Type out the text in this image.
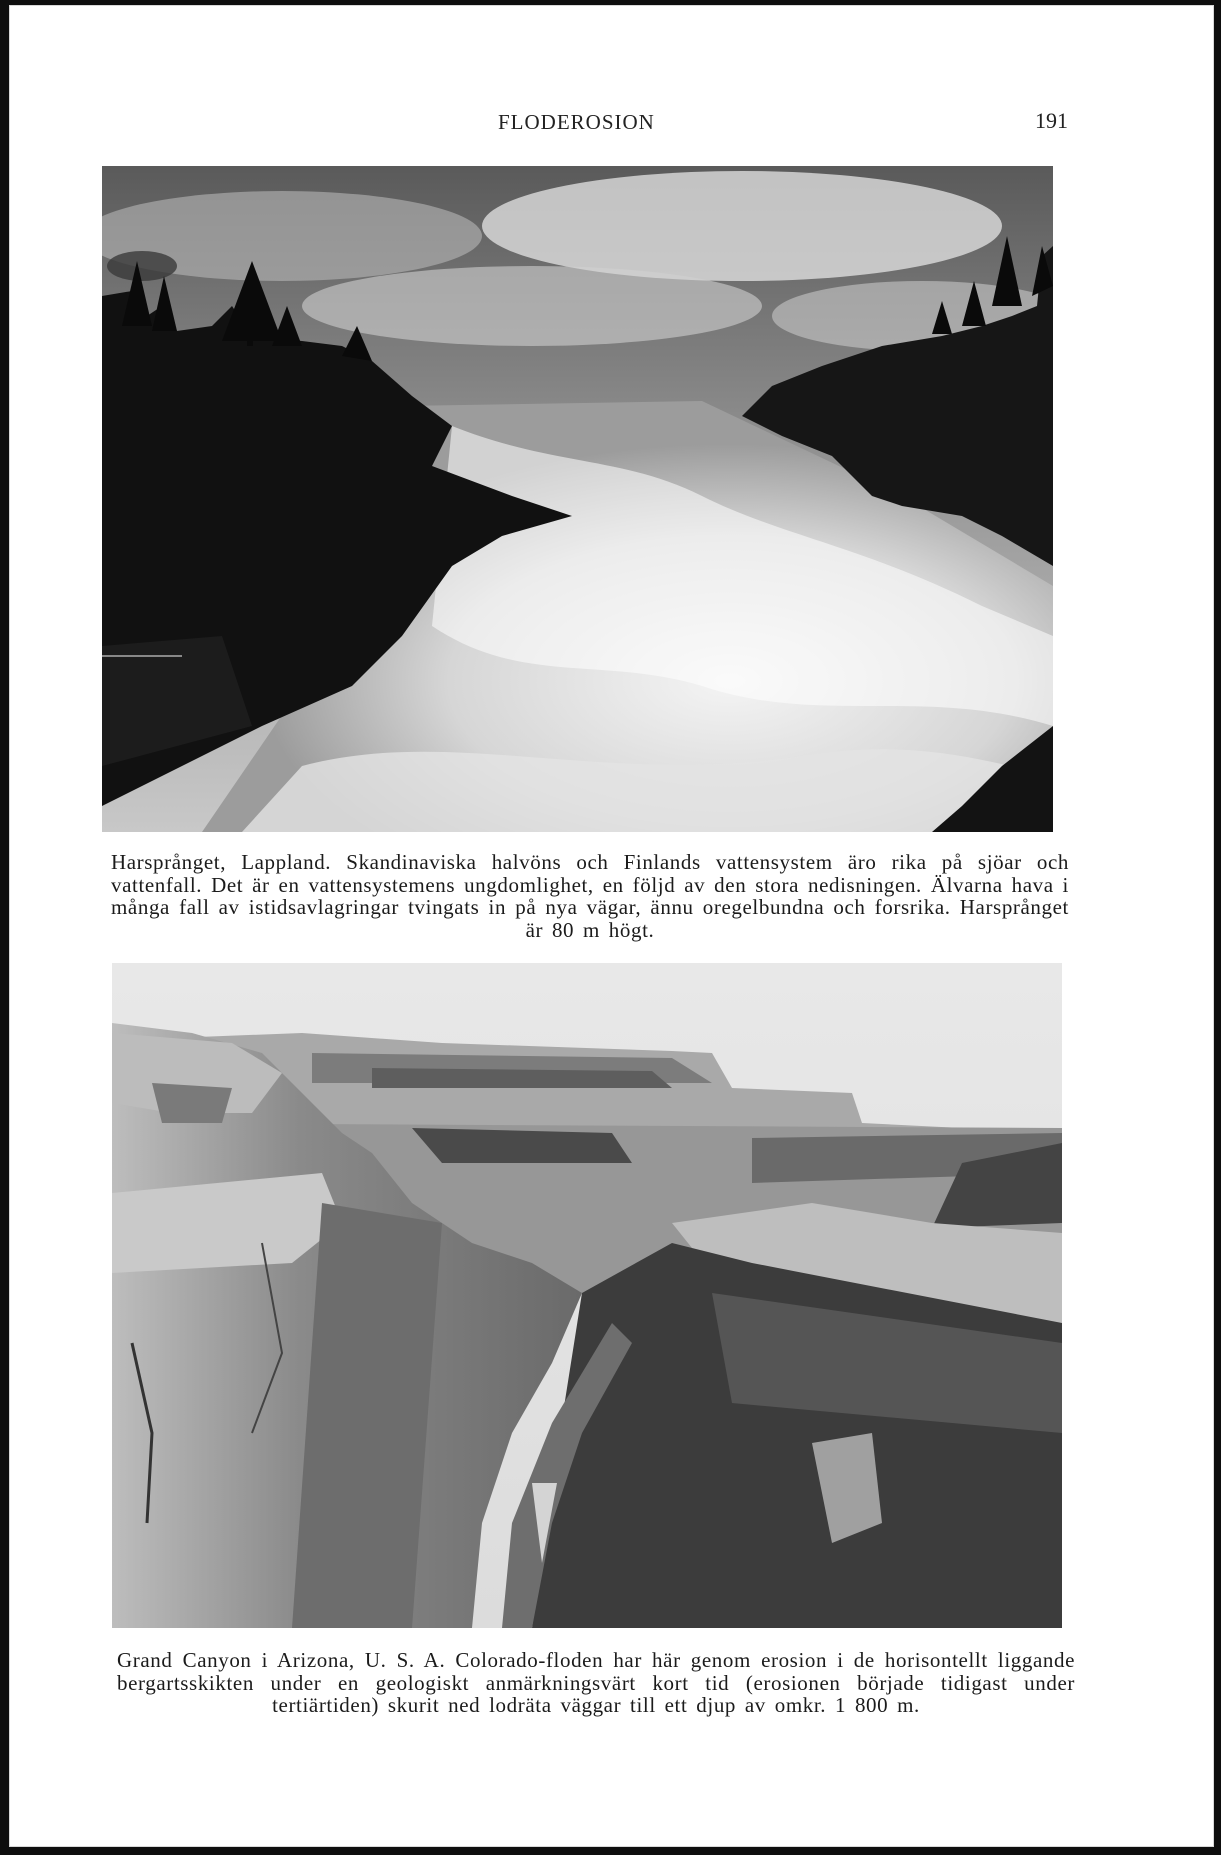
FLODEROSION	191
Harsprånget, Lappland. Skandinaviska halvöns och Finlands vattensystem äro rika på sjöar och vattenfall. Det är en vattensystemens ungdomlighet, en följd av den stora nedisningen. Älvarna hava i många fall av istidsavlagringar tvingats in på nya vägar, ännu oregelbundna och forsrika. Harsprånget är 80 m högt.
Grand Canyon i Arizona, U. S. A. Colorado-floden har här genom erosion i de horisontellt liggande bergartsskikten under en geologiskt anmärkningsvärt kort tid (erosionen började tidigast under tertiärtiden) skurit ned lodräta väggar till ett djup av omkr. 1 800 m.
